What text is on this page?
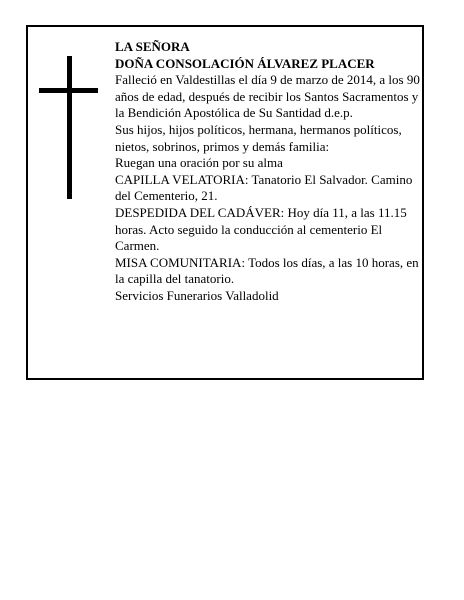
LA SEÑORA

DOÑA CONSOLACIÓN ÁLVAREZ PLACER

Falleció en Valdestillas el día 9 de marzo de 2014, a los 90 años de edad, después de recibir los Santos Sacramentos y la Bendición Apostólica de Su Santidad d.e.p.

Sus hijos, hijos políticos, hermana, hermanos políticos, nietos, sobrinos, primos y demás familia:

Ruegan una oración por su alma

CAPILLA VELATORIA: Tanatorio El Salvador. Camino del Cementerio, 21.

DESPEDIDA DEL CADÁVER: Hoy día 11, a las 11.15 horas. Acto seguido la conducción al cementerio El Carmen.

MISA COMUNITARIA: Todos los días, a las 10 horas, en la capilla del tanatorio.

Servicios Funerarios Valladolid
